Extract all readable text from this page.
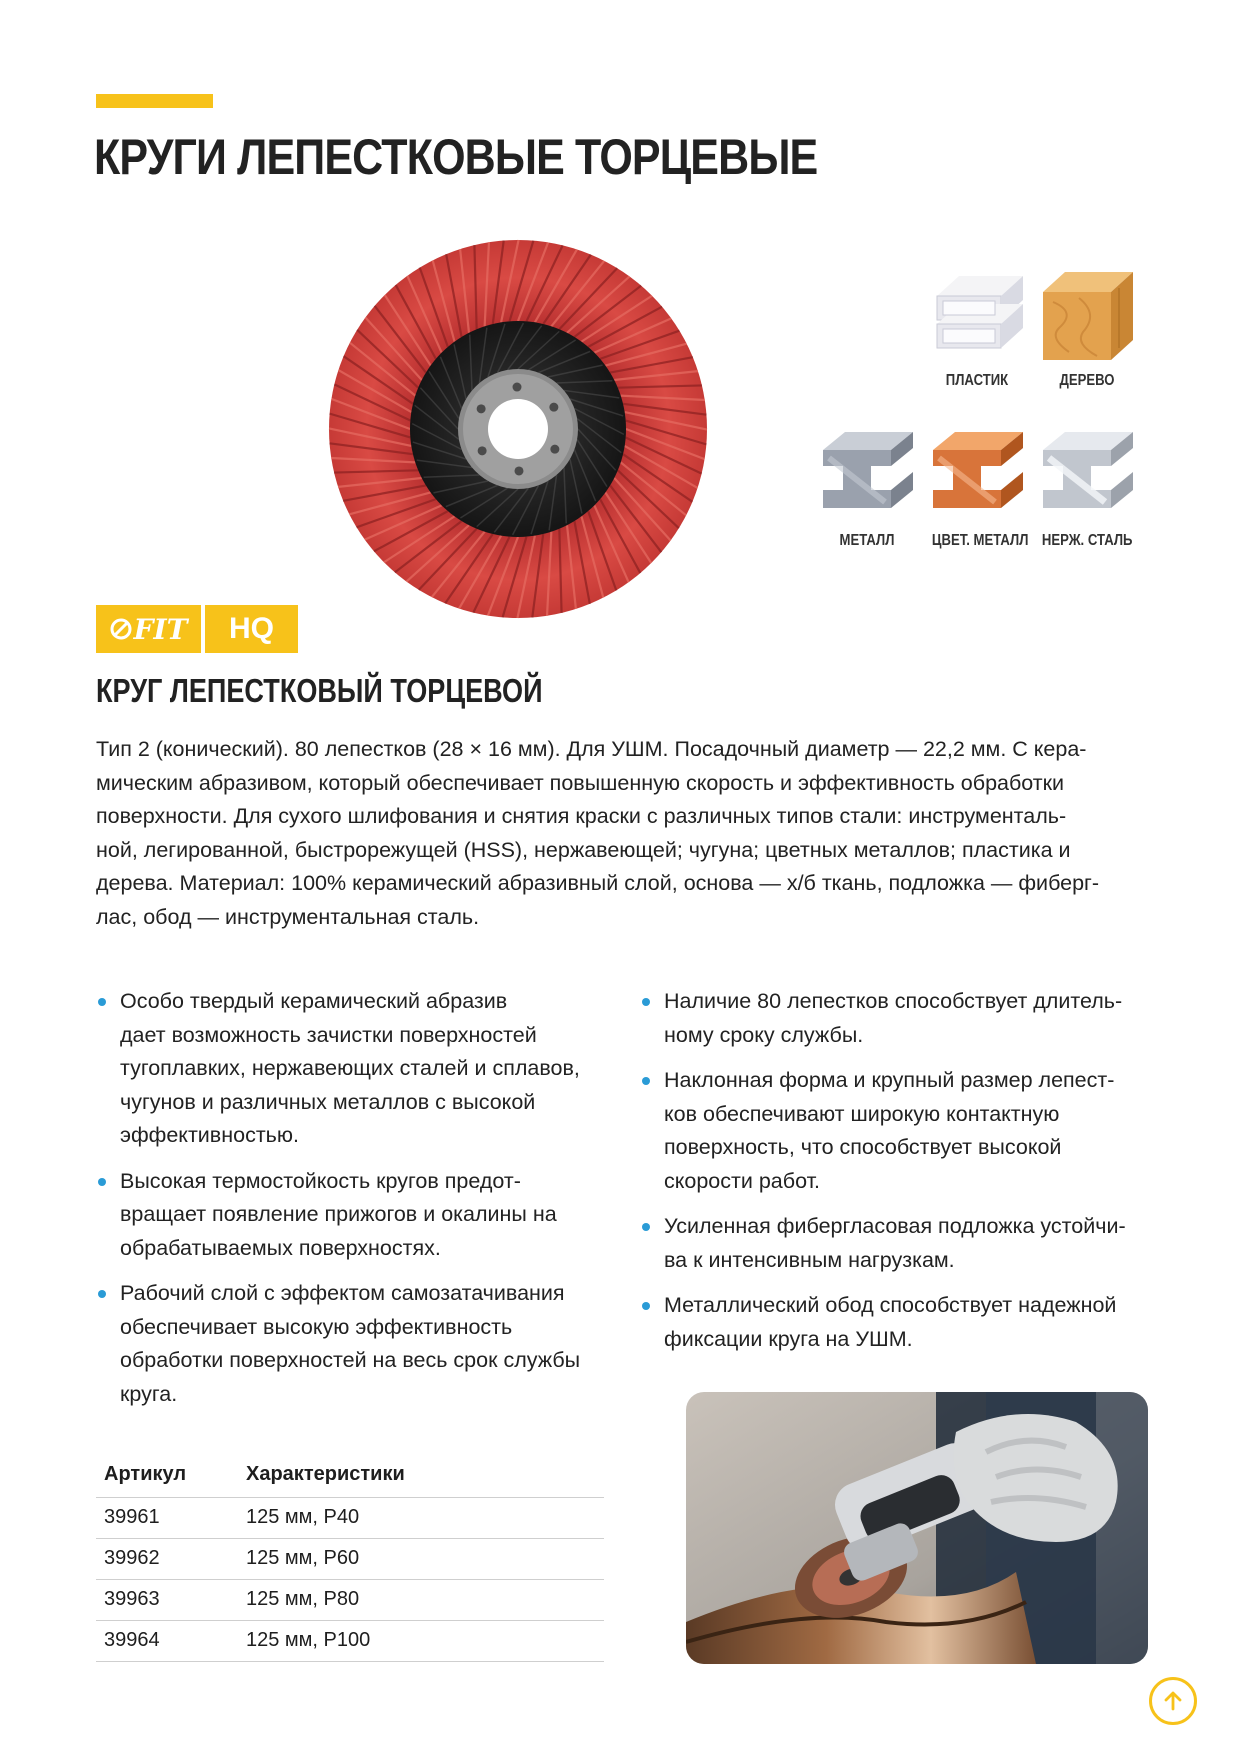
КРУГИ ЛЕПЕСТКОВЫЕ ТОРЦЕВЫЕ
ПЛАСТИК	ДЕРЕВО
МЕТАЛЛ	ЦВЕТ. МЕТАЛЛ НЕРЖ. СТАЛЬ
FIT	HQ
КРУГ ЛЕПЕСТКОВЫЙ ТОРЦЕВОЙ
Тип 2 (конический). 80 лепестков (28 × 16 мм). Для УШМ. Посадочный диаметр — 22,2 мм. С кера-
мическим абразивом, который обеспечивает повышенную скорость и эффективность обработки
поверхности. Для сухого шлифования и снятия краски с различных типов стали: инструменталь-
ной, легированной, быстрорежущей (HSS), нержавеющей; чугуна; цветных металлов; пластика и
дерева. Материал: 100% керамический абразивный слой, основа — х/б ткань, подложка — фиберг-
лас, обод — инструментальная сталь.
Особо твердый керамический абразив
дает возможность зачистки поверхностей
тугоплавких, нержавеющих сталей и сплавов,
чугунов и различных металлов с высокой
эффективностью.
Высокая термостойкость кругов предот-
вращает появление прижогов и окалины на
обрабатываемых поверхностях.
Рабочий слой с эффектом самозатачивания
обеспечивает высокую эффективность
обработки поверхностей на весь срок службы
круга.
Наличие 80 лепестков способствует длитель-
ному сроку службы.
Наклонная форма и крупный размер лепест-
ков обеспечивают широкую контактную
поверхность, что способствует высокой
скорости работ.
Усиленная фибергласовая подложка устойчи-
ва к интенсивным нагрузкам.
Металлический обод способствует надежной
фиксации круга на УШМ.
Артикул	Характеристики
39961	125 мм, P40
39962	125 мм, P60
39963	125 мм, P80
39964	125 мм, P100
